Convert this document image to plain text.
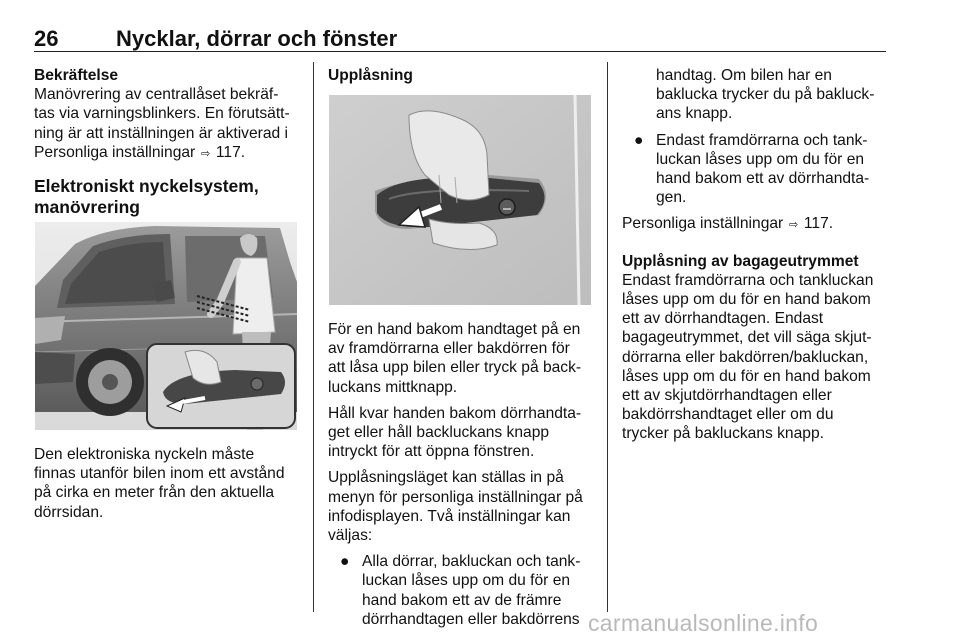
26	Nycklar, dörrar och fönster

Bekräftelse

Manövrering av centrallåset bekräf-

tas via varningsblinkers. En förutsätt-

ning är att inställningen är aktiverad i

Personliga inställningar ⇨ 117.

Elektroniskt nyckelsystem,

manövrering

Den elektroniska nyckeln måste

finnas utanför bilen inom ett avstånd

på cirka en meter från den aktuella

dörrsidan.

Upplåsning

För en hand bakom handtaget på en

av framdörrarna eller bakdörren för

att låsa upp bilen eller tryck på back-

luckans mittknapp.

Håll kvar handen bakom dörrhandta-

get eller håll backluckans knapp

intryckt för att öppna fönstren.

Upplåsningsläget kan ställas in på

menyn för personliga inställningar på

infodisplayen. Två inställningar kan

väljas:

● Alla dörrar, bakluckan och tank-

luckan låses upp om du för en

hand bakom ett av de främre

dörrhandtagen eller bakdörrens

handtag. Om bilen har en

baklucka trycker du på bakluck-

ans knapp.

● Endast framdörrarna och tank-

luckan låses upp om du för en

hand bakom ett av dörrhandta-

gen.

Personliga inställningar ⇨ 117.

Upplåsning av bagageutrymmet

Endast framdörrarna och tankluckan

låses upp om du för en hand bakom

ett av dörrhandtagen. Endast

bagageutrymmet, det vill säga skjut-

dörrarna eller bakdörren/bakluckan,

låses upp om du för en hand bakom

ett av skjutdörrhandtagen eller

bakdörrshandtaget eller om du

trycker på bakluckans knapp.

carmanualsonline.info
